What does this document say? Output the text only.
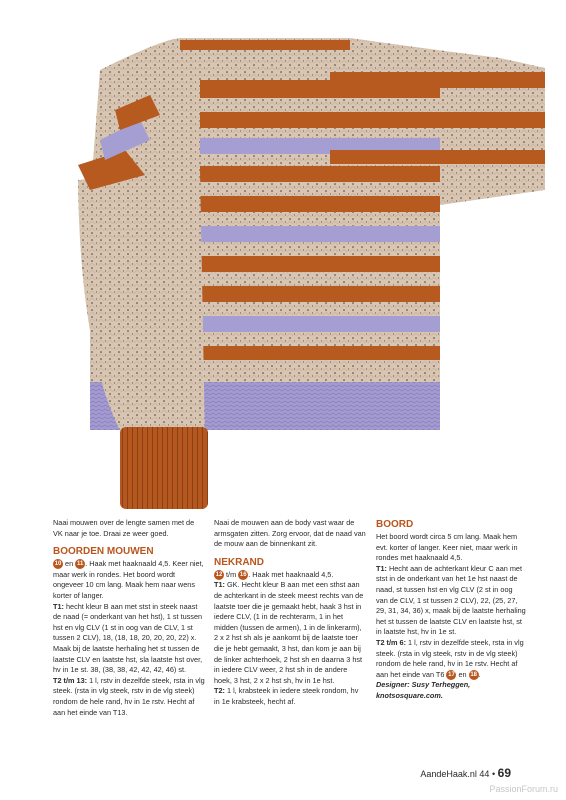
Naai mouwen over de lengte samen met de VK naar je toe. Draai ze weer goed.

BOORDEN MOUWEN

10 en 11 . Haak met haaknaald 4,5. Keer niet, maar werk in rondes. Het boord wordt ongeveer 10 cm lang. Maak hem naar wens korter of langer.

T1: hecht kleur B aan met stst in steek naast de naad (= onderkant van het hst), 1 st tussen hst en vlg CLV (1 st in oog van de CLV, 1 st tussen 2 CLV), 18, (18, 18, 20, 20, 20, 22) x. Maak bij de laatste herhaling het st tussen de laatste CLV en laatste hst, sla laatste hst over, hv in 1e st. 38, (38, 38, 42, 42, 42, 46) st.

T2 t/m 13: 1 l, rstv in dezelfde steek, rsta in vlg steek. (rsta in vlg steek, rstv in de vlg steek) rondom de hele rand, hv in 1e rstv. Hecht af aan het einde van T13.

Naai de mouwen aan de body vast waar de armsgaten zitten. Zorg ervoor, dat de naad van de mouw aan de binnenkant zit.

NEKRAND

12 t/m 16 . Haak met haaknaald 4,5.

T1: GK. Hecht kleur B aan met een sthst aan de achterkant in de steek meest rechts van de laatste toer die je gemaakt hebt, haak 3 hst in iedere CLV, (1 in de rechterarm, 1 in het midden (tussen de armen), 1 in de linkerarm), 2 x 2 hst sh als je aankomt bij de laatste toer die je hebt gemaakt, 3 hst, dan kom je aan bij de linker achterhoek, 2 hst sh en daarna 3 hst in iedere CLV weer, 2 hst sh in de andere hoek, 3 hst, 2 x 2 hst sh, hv in 1e hst.

T2: 1 l, krabsteek in iedere steek rondom, hv in 1e krabsteek, hecht af.

BOORD

Het boord wordt circa 5 cm lang. Maak hem evt. korter of langer. Keer niet, maar werk in rondes met haaknaald 4,5.

T1: Hecht aan de achterkant kleur C aan met stst in de onderkant van het 1e hst naast de naad, st tussen hst en vlg CLV (2 st in oog van de CLV, 1 st tussen 2 CLV), 22, (25, 27, 29, 31, 34, 36) x, maak bij de laatste herhaling het st tussen de laatste CLV en laatste hst, st in laatste hst, hv in 1e st.

T2 t/m 6: 1 l, rstv in dezelfde steek, rsta in vlg steek. (rsta in vlg steek, rstv in de vlg steek) rondom de hele rand, hv in 1e rstv. Hecht af aan het einde van T6 17 en 18 .

Designer: Susy Terheggen, knotsosquare.com.

AandeHaak.nl 44 • 69
PassionForum.ru
